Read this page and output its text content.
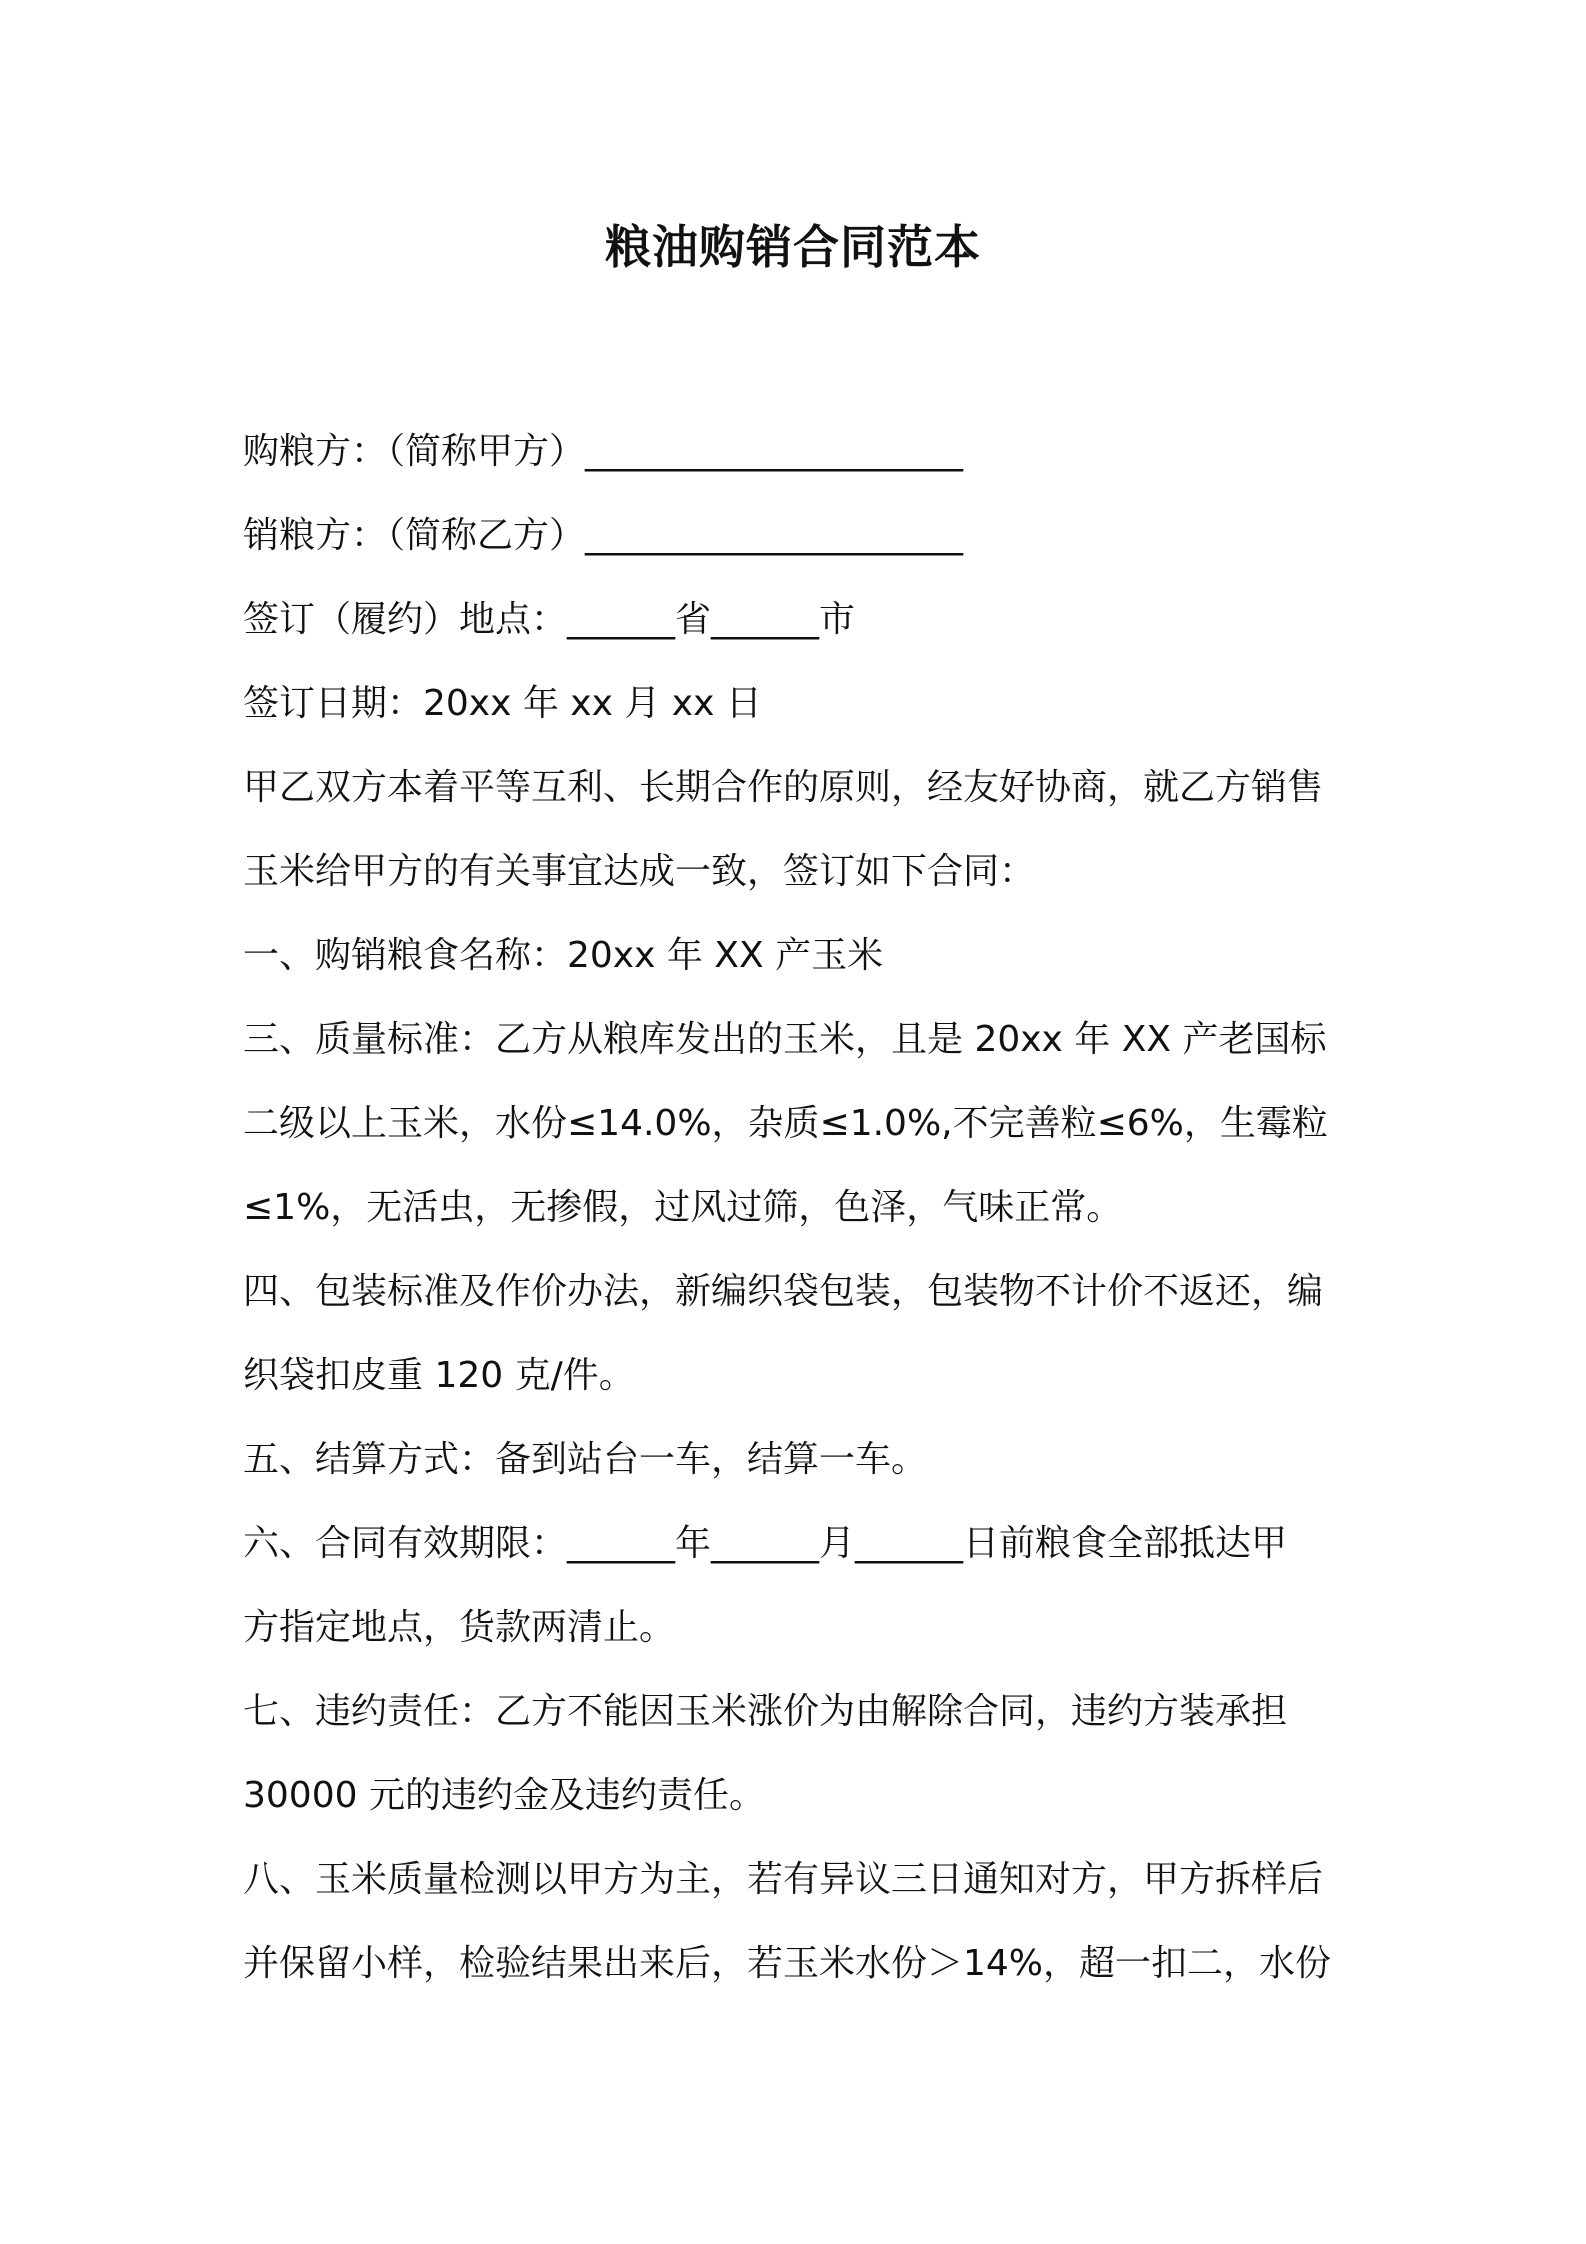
粮油购销合同范本
购粮方：（简称甲方）_____________________
销粮方：（简称乙方）_____________________
签订（履约）地点：______省______市
签订日期：20xx 年 xx 月 xx 日
甲乙双方本着平等互利、长期合作的原则，经友好协商，就乙方销售
玉米给甲方的有关事宜达成一致，签订如下合同：
一、购销粮食名称：20xx 年 XX 产玉米
三、质量标准：乙方从粮库发出的玉米，且是 20xx 年 XX 产老国标
二级以上玉米，水份≤14.0%，杂质≤1.0%,不完善粒≤6%，生霉粒
≤1%，无活虫，无掺假，过风过筛，色泽，气味正常。
四、包装标准及作价办法，新编织袋包装，包装物不计价不返还，编
织袋扣皮重 120 克/件。
五、结算方式：备到站台一车，结算一车。
六、合同有效期限：______年______月______日前粮食全部抵达甲
方指定地点，货款两清止。
七、违约责任：乙方不能因玉米涨价为由解除合同，违约方装承担
30000 元的违约金及违约责任。
八、玉米质量检测以甲方为主，若有异议三日通知对方，甲方拆样后
并保留小样，检验结果出来后，若玉米水份＞14%，超一扣二，水份
